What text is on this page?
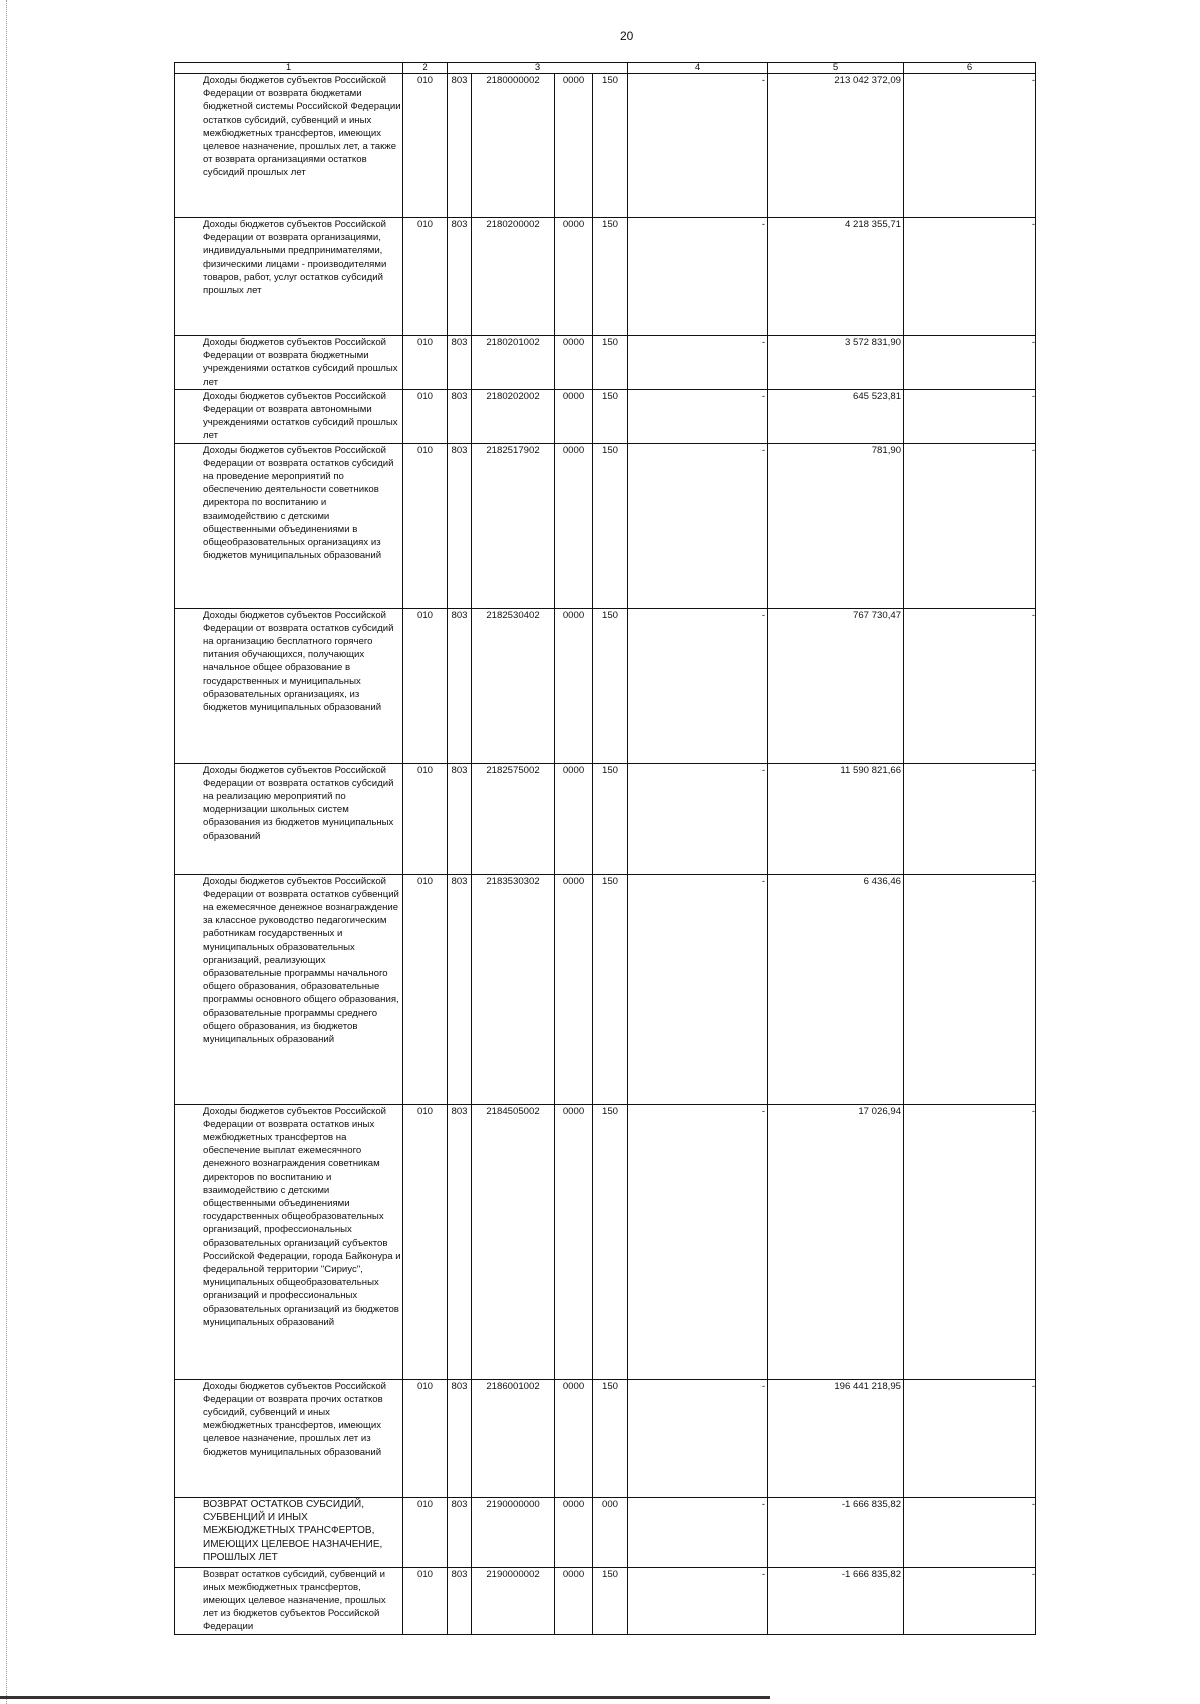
20
1	2	3				4	5	6
Доходы бюджетов субъектов Российской Федерации от возврата бюджетами бюджетной системы Российской Федерации остатков субсидий, субвенций и иных межбюджетных трансфертов, имеющих целевое назначение, прошлых лет, а также от возврата организациями остатков субсидий прошлых лет	010	803	2180000002	0000	150	-	213 042 372,09	-
Доходы бюджетов субъектов Российской Федерации от возврата организациями, индивидуальными предпринимателями, физическими лицами - производителями товаров, работ, услуг остатков субсидий прошлых лет	010	803	2180200002	0000	150	-	4 218 355,71	-
Доходы бюджетов субъектов Российской Федерации от возврата бюджетными учреждениями остатков субсидий прошлых лет	010	803	2180201002	0000	150	-	3 572 831,90	-
Доходы бюджетов субъектов Российской Федерации от возврата автономными учреждениями остатков субсидий прошлых лет	010	803	2180202002	0000	150	-	645 523,81	-
Доходы бюджетов субъектов Российской Федерации от возврата остатков субсидий на проведение мероприятий по обеспечению деятельности советников директора по воспитанию и взаимодействию с детскими общественными объединениями в общеобразовательных организациях из бюджетов муниципальных образований	010	803	2182517902	0000	150	-	781,90	-
Доходы бюджетов субъектов Российской Федерации от возврата остатков субсидий на организацию бесплатного горячего питания обучающихся, получающих начальное общее образование в государственных и муниципальных образовательных организациях, из бюджетов муниципальных образований	010	803	2182530402	0000	150	-	767 730,47	-
Доходы бюджетов субъектов Российской Федерации от возврата остатков субсидий на реализацию мероприятий по модернизации школьных систем образования из бюджетов муниципальных образований	010	803	2182575002	0000	150	-	11 590 821,66	-
Доходы бюджетов субъектов Российской Федерации от возврата остатков субвенций на ежемесячное денежное вознаграждение за классное руководство педагогическим работникам государственных и муниципальных образовательных организаций, реализующих образовательные программы начального общего образования, образовательные программы основного общего образования, образовательные программы среднего общего образования, из бюджетов муниципальных образований	010	803	2183530302	0000	150	-	6 436,46	-
Доходы бюджетов субъектов Российской Федерации от возврата остатков иных межбюджетных трансфертов на обеспечение выплат ежемесячного денежного вознаграждения советникам директоров по воспитанию и взаимодействию с детскими общественными объединениями государственных общеобразовательных организаций, профессиональных образовательных организаций субъектов Российской Федерации, города Байконура и федеральной территории "Сириус", муниципальных общеобразовательных организаций и профессиональных образовательных организаций из бюджетов муниципальных образований	010	803	2184505002	0000	150	-	17 026,94	-
Доходы бюджетов субъектов Российской Федерации от возврата прочих остатков субсидий, субвенций и иных межбюджетных трансфертов, имеющих целевое назначение, прошлых лет из бюджетов муниципальных образований	010	803	2186001002	0000	150	-	196 441 218,95	-
ВОЗВРАТ ОСТАТКОВ СУБСИДИЙ, СУБВЕНЦИЙ И ИНЫХ МЕЖБЮДЖЕТНЫХ ТРАНСФЕРТОВ, ИМЕЮЩИХ ЦЕЛЕВОЕ НАЗНАЧЕНИЕ, ПРОШЛЫХ ЛЕТ	010	803	2190000000	0000	000	-	-1 666 835,82	-
Возврат остатков субсидий, субвенций и иных межбюджетных трансфертов, имеющих целевое назначение, прошлых лет из бюджетов субъектов Российской Федерации	010	803	2190000002	0000	150	-	-1 666 835,82	-
